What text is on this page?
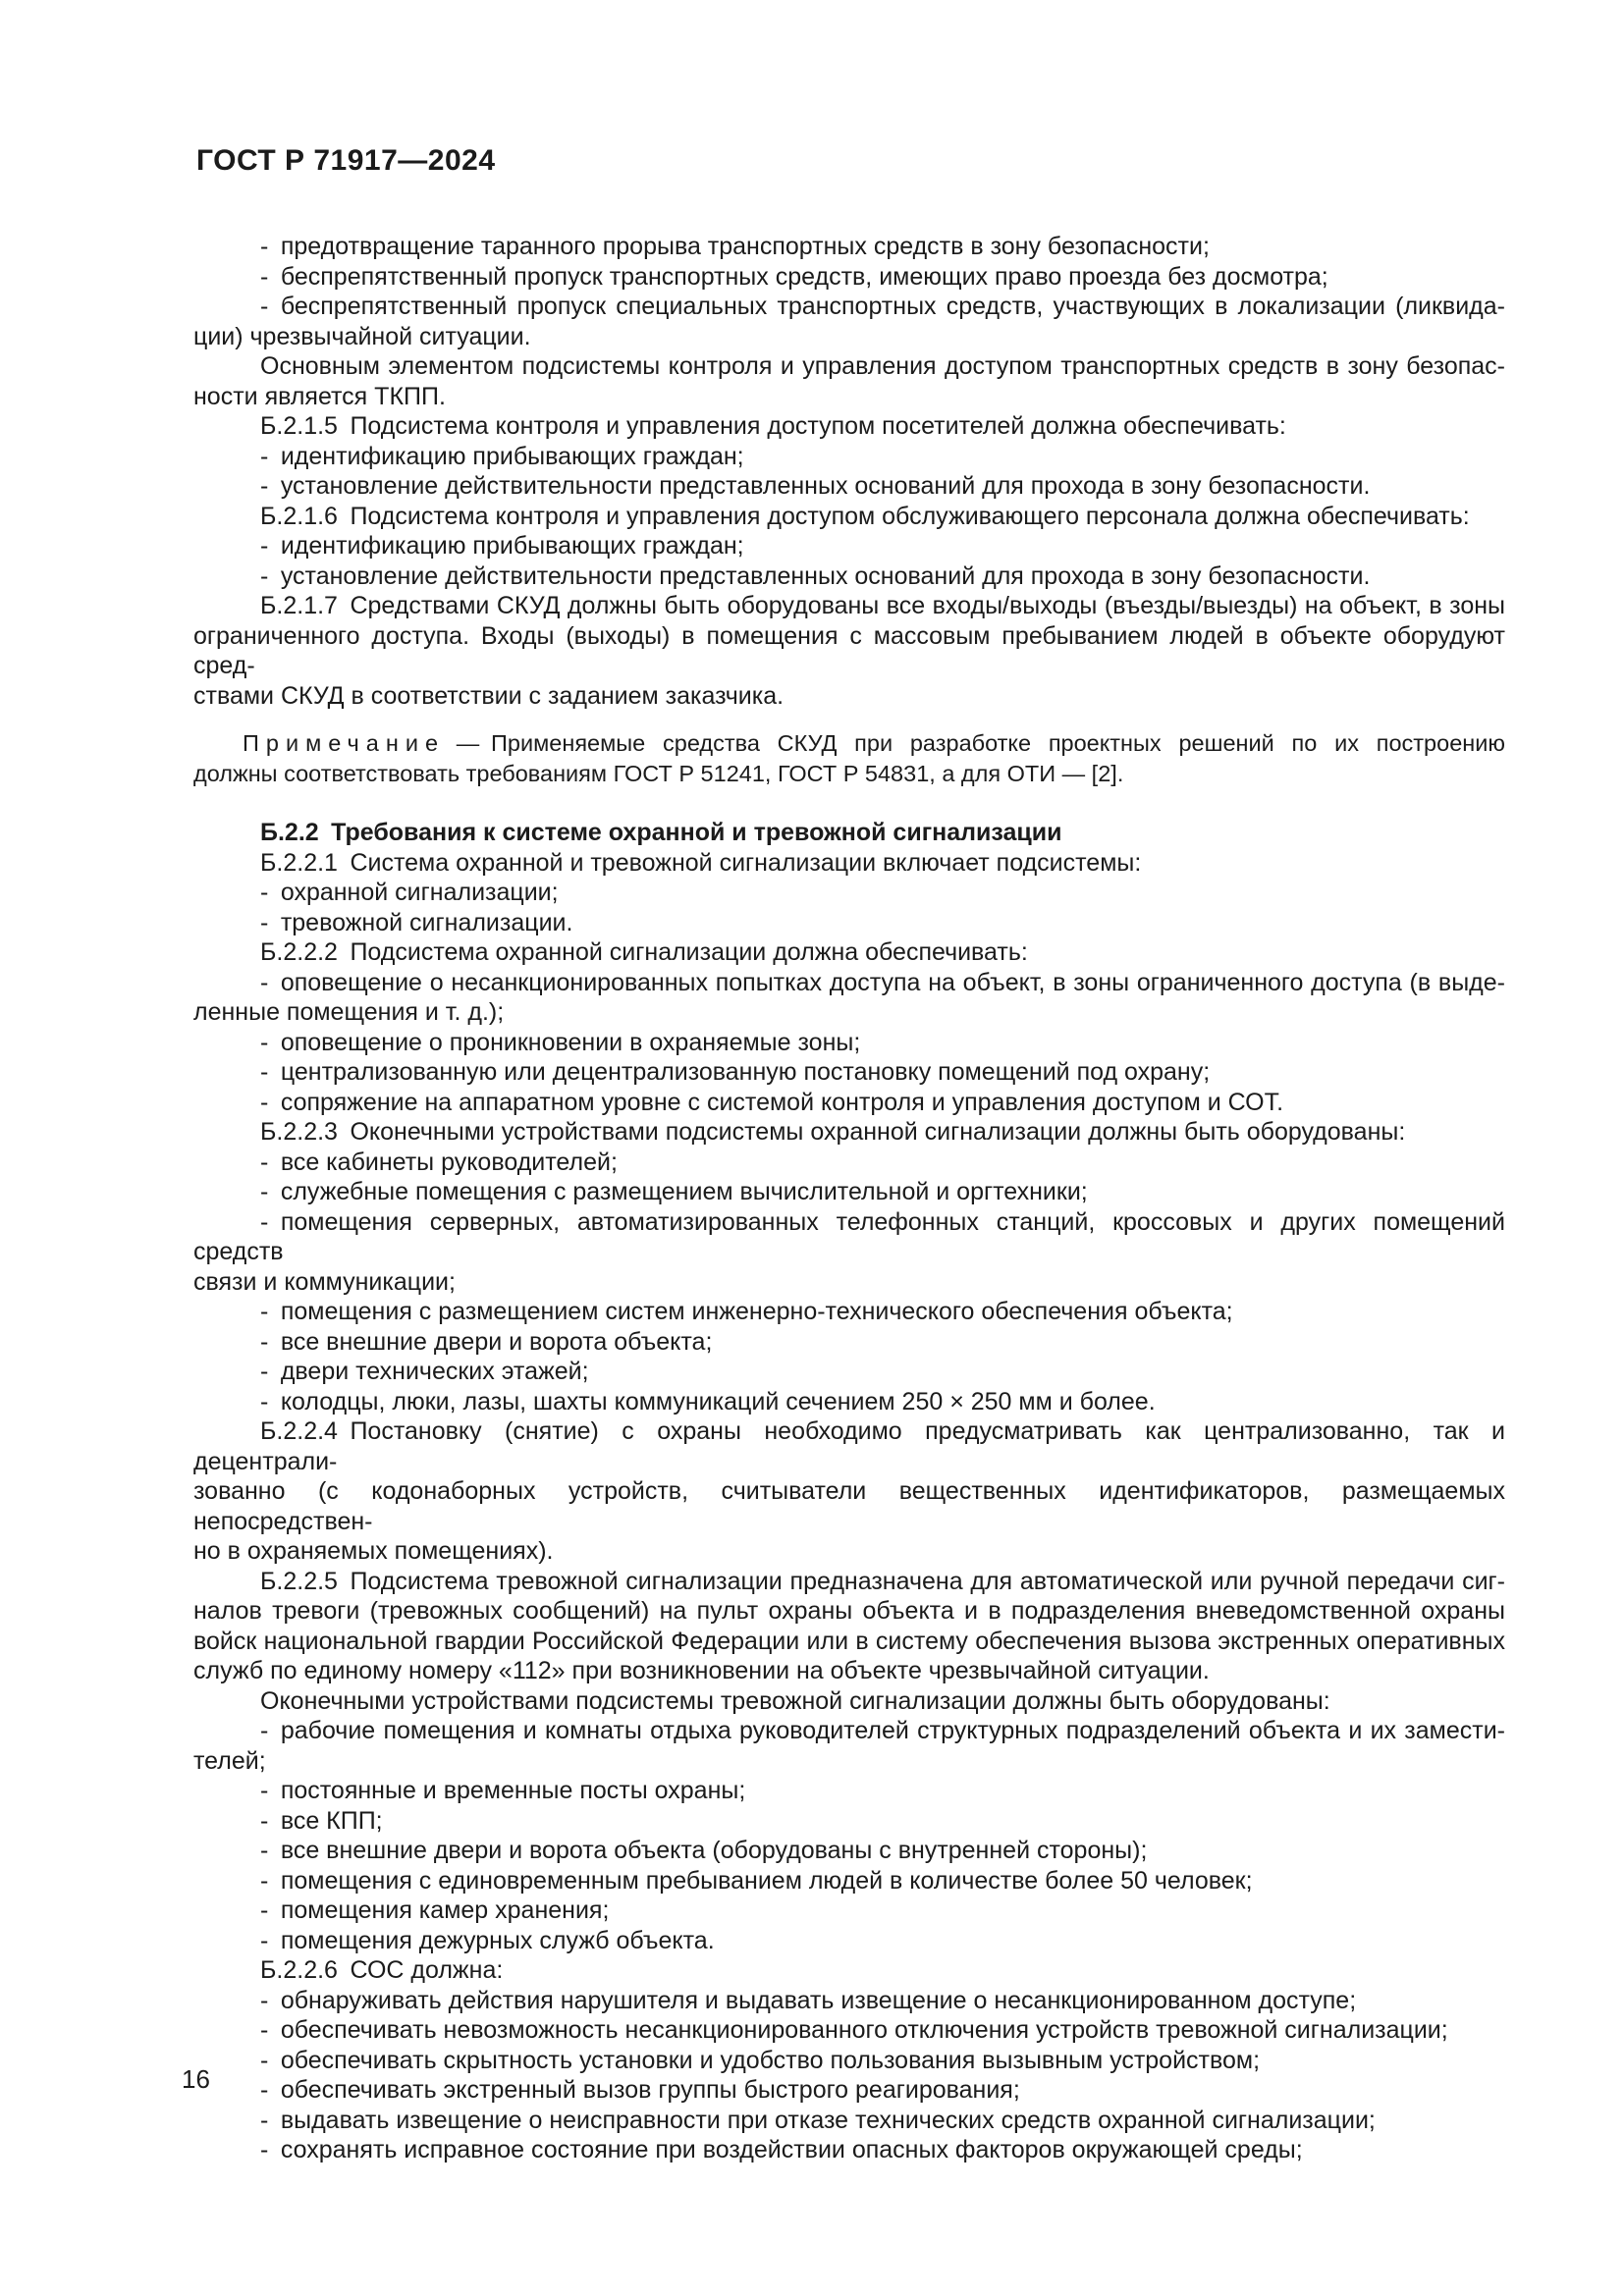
ГОСТ Р 71917—2024
- предотвращение таранного прорыва транспортных средств в зону безопасности;
- беспрепятственный пропуск транспортных средств, имеющих право проезда без досмотра;
- беспрепятственный пропуск специальных транспортных средств, участвующих в локализации (ликвида-
ции) чрезвычайной ситуации.
Основным элементом подсистемы контроля и управления доступом транспортных средств в зону безопас-
ности является ТКПП.
Б.2.1.5 Подсистема контроля и управления доступом посетителей должна обеспечивать:
- идентификацию прибывающих граждан;
- установление действительности представленных оснований для прохода в зону безопасности.
Б.2.1.6 Подсистема контроля и управления доступом обслуживающего персонала должна обеспечивать:
- идентификацию прибывающих граждан;
- установление действительности представленных оснований для прохода в зону безопасности.
Б.2.1.7 Средствами СКУД должны быть оборудованы все входы/выходы (въезды/выезды) на объект, в зоны
ограниченного доступа. Входы (выходы) в помещения с массовым пребыванием людей в объекте оборудуют сред-
ствами СКУД в соответствии с заданием заказчика.
Примечание — Применяемые средства СКУД при разработке проектных решений по их построению
должны соответствовать требованиям ГОСТ Р 51241, ГОСТ Р 54831, а для ОТИ — [2].
Б.2.2 Требования к системе охранной и тревожной сигнализации
Б.2.2.1 Система охранной и тревожной сигнализации включает подсистемы:
- охранной сигнализации;
- тревожной сигнализации.
Б.2.2.2 Подсистема охранной сигнализации должна обеспечивать:
- оповещение о несанкционированных попытках доступа на объект, в зоны ограниченного доступа (в выде-
ленные помещения и т. д.);
- оповещение о проникновении в охраняемые зоны;
- централизованную или децентрализованную постановку помещений под охрану;
- сопряжение на аппаратном уровне с системой контроля и управления доступом и СОТ.
Б.2.2.3 Оконечными устройствами подсистемы охранной сигнализации должны быть оборудованы:
- все кабинеты руководителей;
- служебные помещения с размещением вычислительной и оргтехники;
- помещения серверных, автоматизированных телефонных станций, кроссовых и других помещений средств
связи и коммуникации;
- помещения с размещением систем инженерно-технического обеспечения объекта;
- все внешние двери и ворота объекта;
- двери технических этажей;
- колодцы, люки, лазы, шахты коммуникаций сечением 250 × 250 мм и более.
Б.2.2.4 Постановку (снятие) с охраны необходимо предусматривать как централизованно, так и децентрали-
зованно (с кодонаборных устройств, считыватели вещественных идентификаторов, размещаемых непосредствен-
но в охраняемых помещениях).
Б.2.2.5 Подсистема тревожной сигнализации предназначена для автоматической или ручной передачи сиг-
налов тревоги (тревожных сообщений) на пульт охраны объекта и в подразделения вневедомственной охраны
войск национальной гвардии Российской Федерации или в систему обеспечения вызова экстренных оперативных
служб по единому номеру «112» при возникновении на объекте чрезвычайной ситуации.
Оконечными устройствами подсистемы тревожной сигнализации должны быть оборудованы:
- рабочие помещения и комнаты отдыха руководителей структурных подразделений объекта и их замести-
телей;
- постоянные и временные посты охраны;
- все КПП;
- все внешние двери и ворота объекта (оборудованы с внутренней стороны);
- помещения с единовременным пребыванием людей в количестве более 50 человек;
- помещения камер хранения;
- помещения дежурных служб объекта.
Б.2.2.6 СОС должна:
- обнаруживать действия нарушителя и выдавать извещение о несанкционированном доступе;
- обеспечивать невозможность несанкционированного отключения устройств тревожной сигнализации;
- обеспечивать скрытность установки и удобство пользования вызывным устройством;
- обеспечивать экстренный вызов группы быстрого реагирования;
- выдавать извещение о неисправности при отказе технических средств охранной сигнализации;
- сохранять исправное состояние при воздействии опасных факторов окружающей среды;
16
